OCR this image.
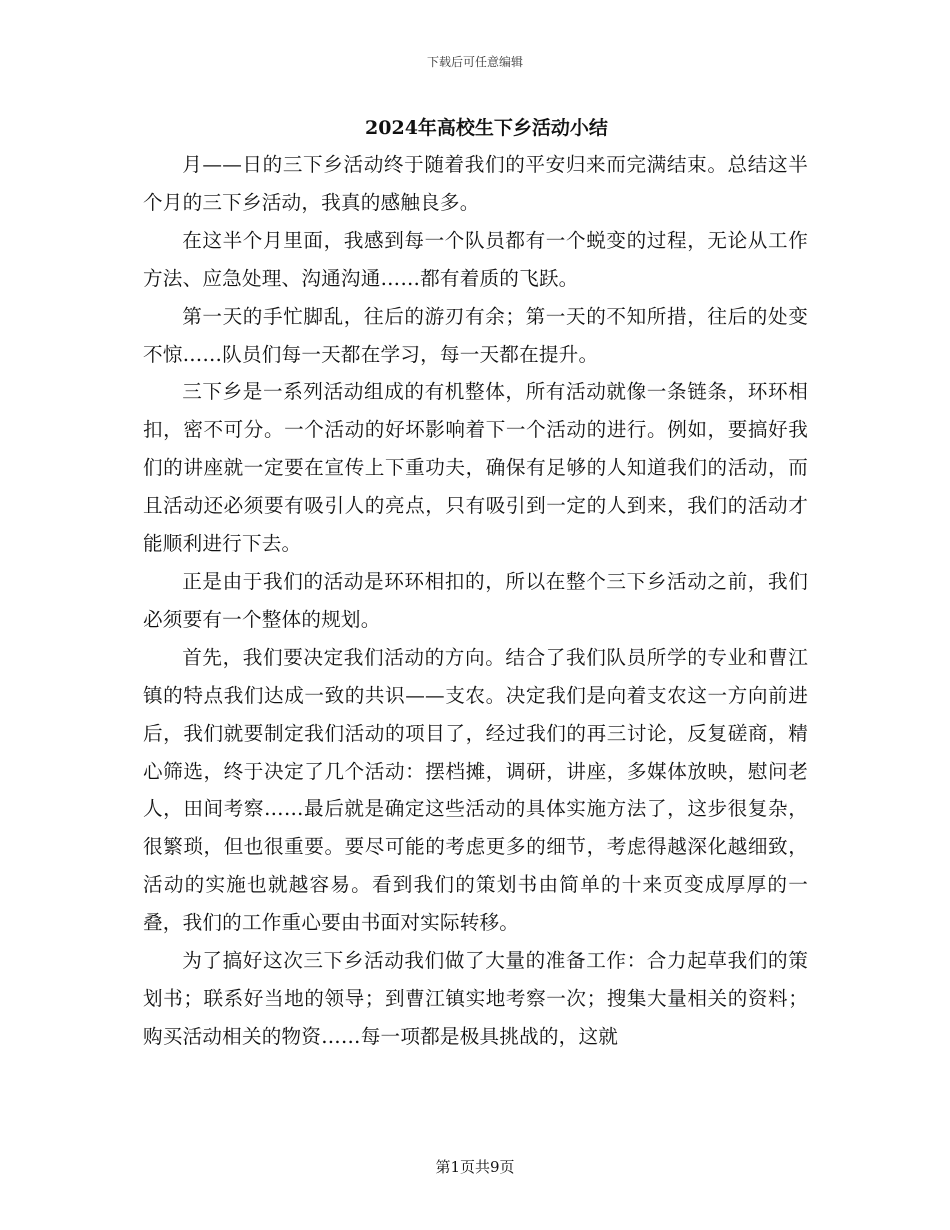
下载后可任意编辑
2024年高校生下乡活动小结

月——日的三下乡活动终于随着我们的平安归来而完满结束。总结这半个月的三下乡活动，我真的感触良多。

在这半个月里面，我感到每一个队员都有一个蜕变的过程，无论从工作方法、应急处理、沟通沟通……都有着质的飞跃。

第一天的手忙脚乱，往后的游刃有余；第一天的不知所措，往后的处变不惊……队员们每一天都在学习，每一天都在提升。

三下乡是一系列活动组成的有机整体，所有活动就像一条链条，环环相扣，密不可分。一个活动的好坏影响着下一个活动的进行。例如，要搞好我们的讲座就一定要在宣传上下重功夫，确保有足够的人知道我们的活动，而且活动还必须要有吸引人的亮点，只有吸引到一定的人到来，我们的活动才能顺利进行下去。

正是由于我们的活动是环环相扣的，所以在整个三下乡活动之前，我们必须要有一个整体的规划。

首先，我们要决定我们活动的方向。结合了我们队员所学的专业和曹江镇的特点我们达成一致的共识——支农。决定我们是向着支农这一方向前进后，我们就要制定我们活动的项目了，经过我们的再三讨论，反复磋商，精心筛选，终于决定了几个活动：摆档摊，调研，讲座，多媒体放映，慰问老人，田间考察……最后就是确定这些活动的具体实施方法了，这步很复杂，很繁琐，但也很重要。要尽可能的考虑更多的细节，考虑得越深化越细致，活动的实施也就越容易。看到我们的策划书由简单的十来页变成厚厚的一叠，我们的工作重心要由书面对实际转移。

为了搞好这次三下乡活动我们做了大量的准备工作：合力起草我们的策划书；联系好当地的领导；到曹江镇实地考察一次；搜集大量相关的资料；购买活动相关的物资……每一项都是极具挑战的，这就

第1页共9页
